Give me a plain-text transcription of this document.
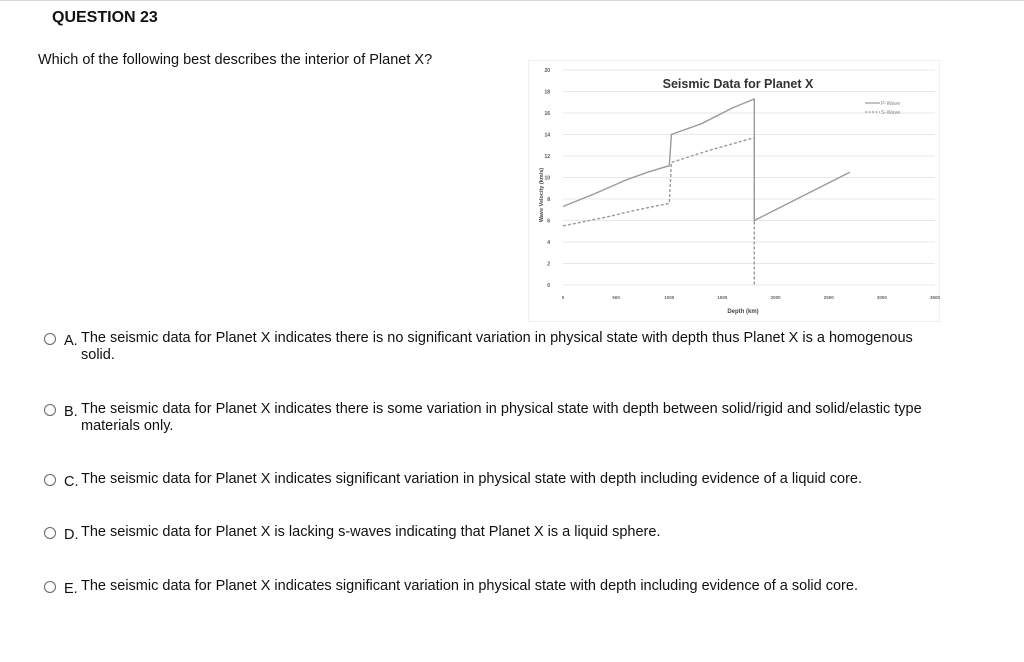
QUESTION 23
Which of the following best describes the interior of Planet X?
0
2
4
6
8
10
12
14
16
18
20
0	500	1000	1500	2000	2500	3000	3500
Seismic Data for Planet X
Depth (km)
Wave Velocity (km/s)
P-Wave
S-Wave
A. The seismic data for Planet X indicates there is no significant variation in physical state with depth thus Planet X is a homogenous solid.
B. The seismic data for Planet X indicates there is some variation in physical state with depth between solid/rigid and solid/elastic type materials only.
C. The seismic data for Planet X indicates significant variation in physical state with depth including evidence of a liquid core.
D. The seismic data for Planet X is lacking s-waves indicating that Planet X is a liquid sphere.
E. The seismic data for Planet X indicates significant variation in physical state with depth including evidence of a solid core.
